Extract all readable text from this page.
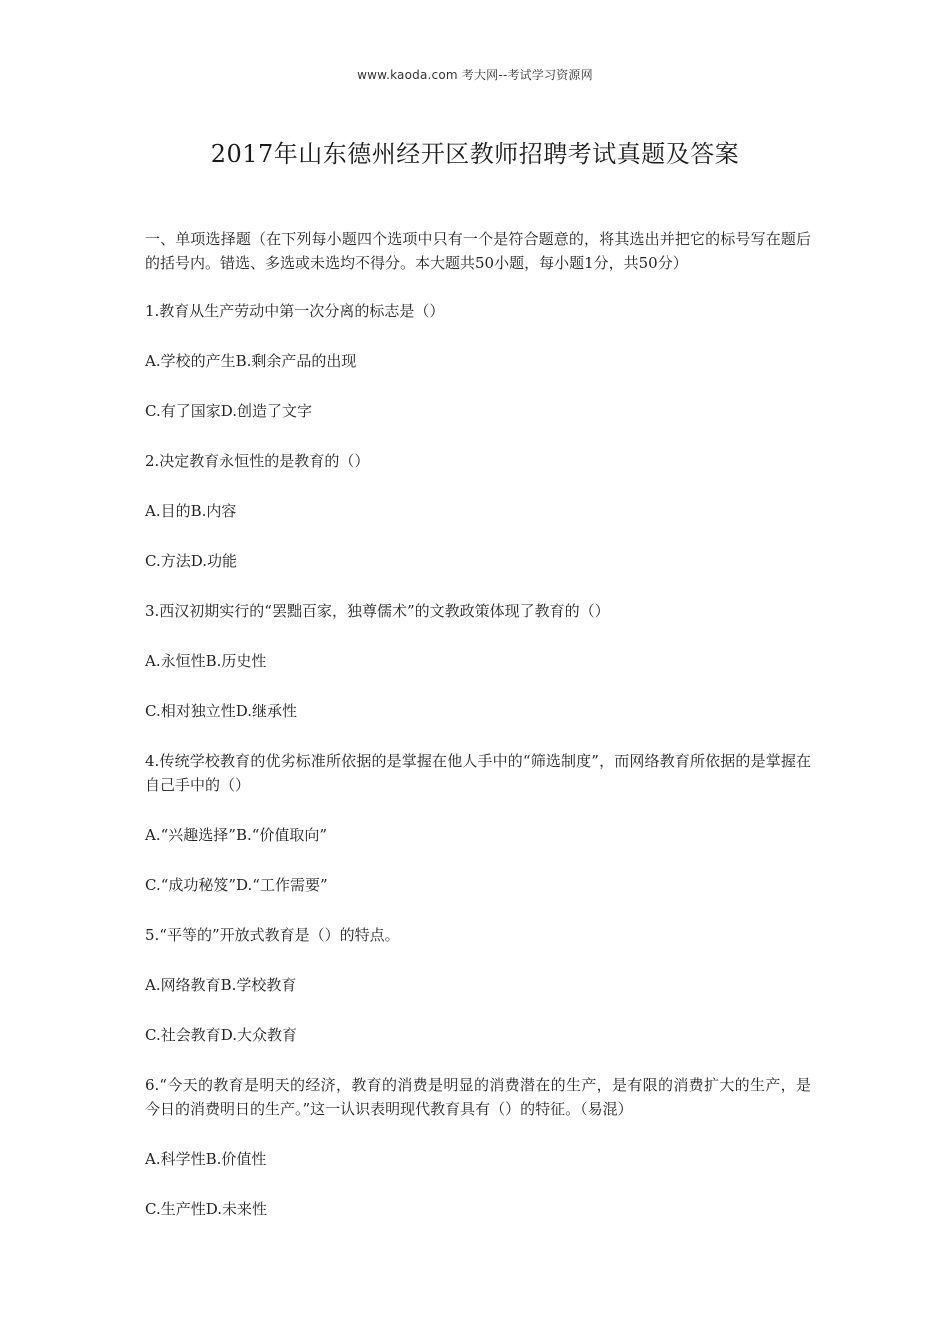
www.kaoda.com 考大网--考试学习资源网
2017年山东德州经开区教师招聘考试真题及答案

一、单项选择题（在下列每小题四个选项中只有一个是符合题意的，将其选出并把它的标号写在题后的括号内。错选、多选或未选均不得分。本大题共50小题，每小题1分，共50分）

1.教育从生产劳动中第一次分离的标志是（）

A.学校的产生B.剩余产品的出现

C.有了国家D.创造了文字

2.决定教育永恒性的是教育的（）

A.目的B.内容

C.方法D.功能

3.西汉初期实行的“罢黜百家，独尊儒术”的文教政策体现了教育的（）

A.永恒性B.历史性

C.相对独立性D.继承性

4.传统学校教育的优劣标准所依据的是掌握在他人手中的“筛选制度”，而网络教育所依据的是掌握在自己手中的（）

A.“兴趣选择”B.“价值取向”

C.“成功秘笈”D.“工作需要”

5.“平等的”开放式教育是（）的特点。

A.网络教育B.学校教育

C.社会教育D.大众教育

6.“今天的教育是明天的经济，教育的消费是明显的消费潜在的生产，是有限的消费扩大的生产，是今日的消费明日的生产。”这一认识表明现代教育具有（）的特征。（易混）

A.科学性B.价值性

C.生产性D.未来性
